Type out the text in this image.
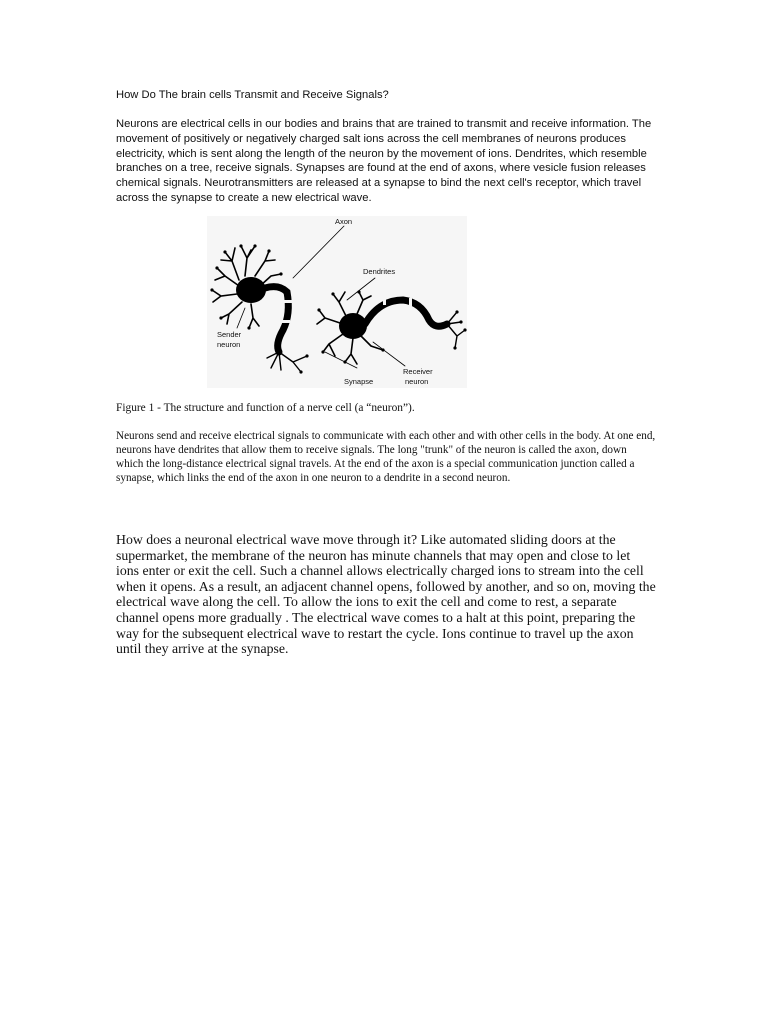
How Do The brain cells Transmit and Receive Signals?

Neurons are electrical cells in our bodies and brains that are trained to transmit and receive information. The movement of positively or negatively charged salt ions across the cell membranes of neurons produces electricity, which is sent along the length of the neuron by the movement of ions. Dendrites, which resemble branches on a tree, receive signals. Synapses are found at the end of axons, where vesicle fusion releases chemical signals. Neurotransmitters are released at a synapse to bind the next cell's receptor, which travel across the synapse to create a new electrical wave.

Axon
Dendrites
Sender
neuron
Synapse
Receiver
neuron

Figure 1 - The structure and function of a nerve cell (a “neuron”).

Neurons send and receive electrical signals to communicate with each other and with other cells in the body. At one end, neurons have dendrites that allow them to receive signals. The long "trunk" of the neuron is called the axon, down which the long-distance electrical signal travels. At the end of the axon is a special communication junction called a synapse, which links the end of the axon in one neuron to a dendrite in a second neuron.

How does a neuronal electrical wave move through it? Like automated sliding doors at the supermarket, the membrane of the neuron has minute channels that may open and close to let ions enter or exit the cell. Such a channel allows electrically charged ions to stream into the cell when it opens. As a result, an adjacent channel opens, followed by another, and so on, moving the electrical wave along the cell. To allow the ions to exit the cell and come to rest, a separate channel opens more gradually . The electrical wave comes to a halt at this point, preparing the way for the subsequent electrical wave to restart the cycle. Ions continue to travel up the axon until they arrive at the synapse.
